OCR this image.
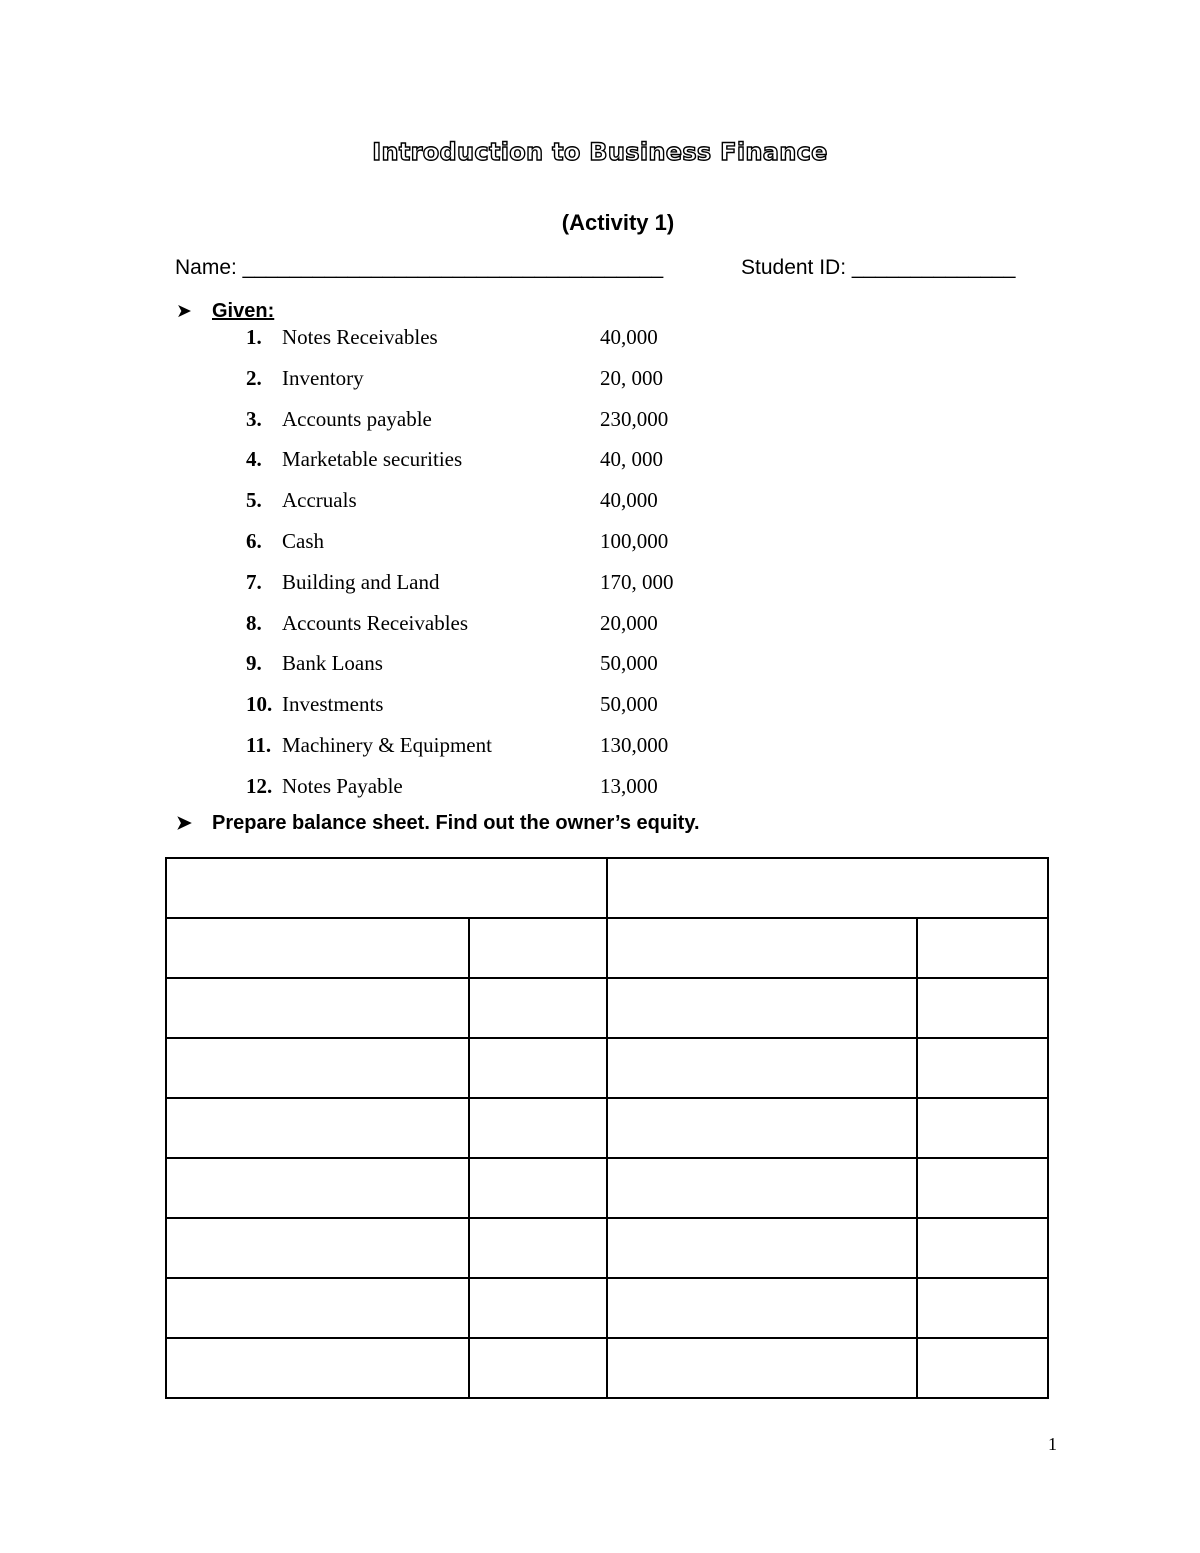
Introduction to Business Finance
(Activity 1)
Name: ____________________________________	Student ID: ______________
➤ Given:
1. Notes Receivables	40,000
2. Inventory	20, 000
3. Accounts payable	230,000
4. Marketable securities	40, 000
5. Accruals	40,000
6. Cash	100,000
7. Building and Land	170, 000
8. Accounts Receivables	20,000
9. Bank Loans	50,000
10. Investments	50,000
11. Machinery & Equipment	130,000
12. Notes Payable	13,000
➤ Prepare balance sheet. Find out the owner’s equity.

1
